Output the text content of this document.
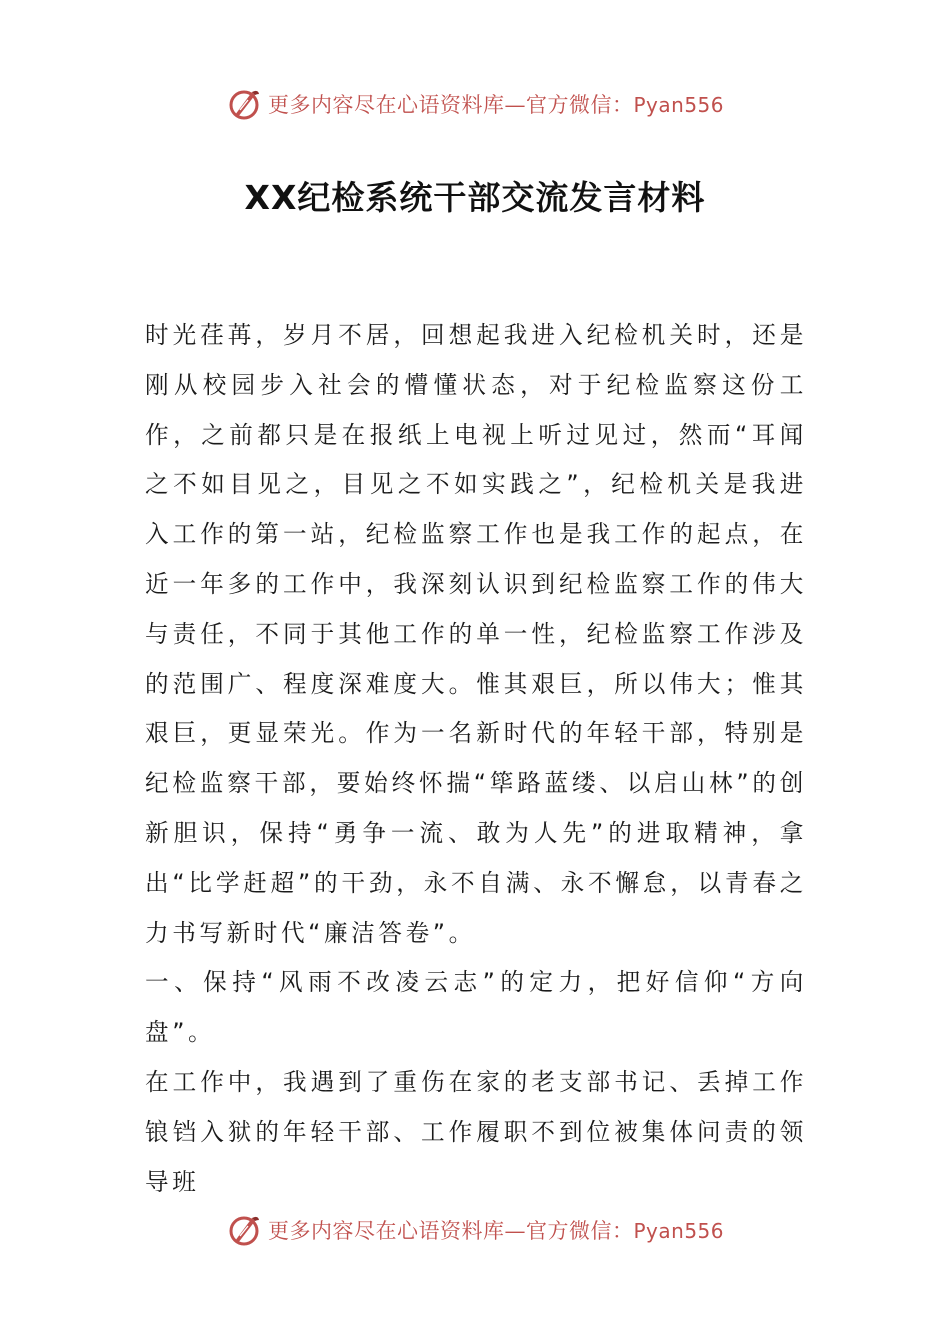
更多内容尽在心语资料库—官方微信：Pyan556
XX纪检系统干部交流发言材料

时光荏苒，岁月不居，回想起我进入纪检机关时，还是刚从校园步入社会的懵懂状态，对于纪检监察这份工作，之前都只是在报纸上电视上听过见过，然而“耳闻之不如目见之，目见之不如实践之”，纪检机关是我进入工作的第一站，纪检监察工作也是我工作的起点，在近一年多的工作中，我深刻认识到纪检监察工作的伟大与责任，不同于其他工作的单一性，纪检监察工作涉及的范围广、程度深难度大。惟其艰巨，所以伟大；惟其艰巨，更显荣光。作为一名新时代的年轻干部，特别是纪检监察干部，要始终怀揣“筚路蓝缕、以启山林”的创新胆识，保持“勇争一流、敢为人先”的进取精神，拿出“比学赶超”的干劲，永不自满、永不懈怠，以青春之力书写新时代“廉洁答卷”。

一、保持“风雨不改凌云志”的定力，把好信仰“方向盘”。

在工作中，我遇到了重伤在家的老支部书记、丢掉工作锒铛入狱的年轻干部、工作履职不到位被集体问责的领导班

更多内容尽在心语资料库—官方微信：Pyan556
